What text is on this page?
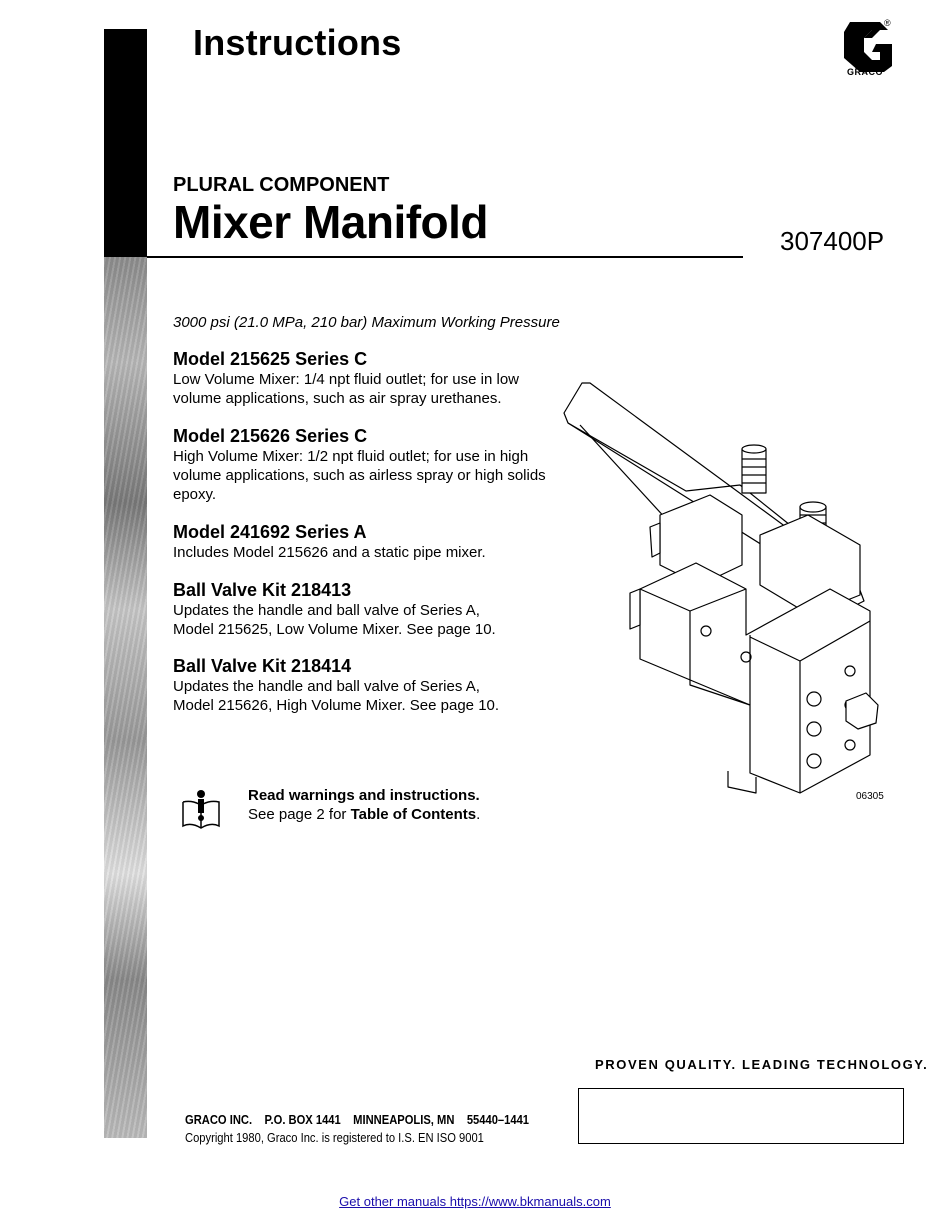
Instructions	®
GRACO
PLURAL COMPONENT
Mixer Manifold	307400P
3000 psi (21.0 MPa, 210 bar) Maximum Working Pressure
Model 215625 Series C
Low Volume Mixer: 1/4 npt fluid outlet; for use in low
volume applications, such as air spray urethanes.
Model 215626 Series C
High Volume Mixer: 1/2 npt fluid outlet; for use in high
volume applications, such as airless spray or high solids
epoxy.
Model 241692 Series A
Includes Model 215626 and a static pipe mixer.
Ball Valve Kit 218413
Updates the handle and ball valve of Series A,
Model 215625, Low Volume Mixer. See page 10.
Ball Valve Kit 218414
Updates the handle and ball valve of Series A,
Model 215626, High Volume Mixer. See page 10.
06305
Read warnings and instructions.
See page 2 for Table of Contents.
PROVEN QUALITY. LEADING TECHNOLOGY.
GRACO INC.    P.O. BOX 1441    MINNEAPOLIS, MN    55440–1441
Copyright 1980, Graco Inc. is registered to I.S. EN ISO 9001
Get other manuals https://www.bkmanuals.com
